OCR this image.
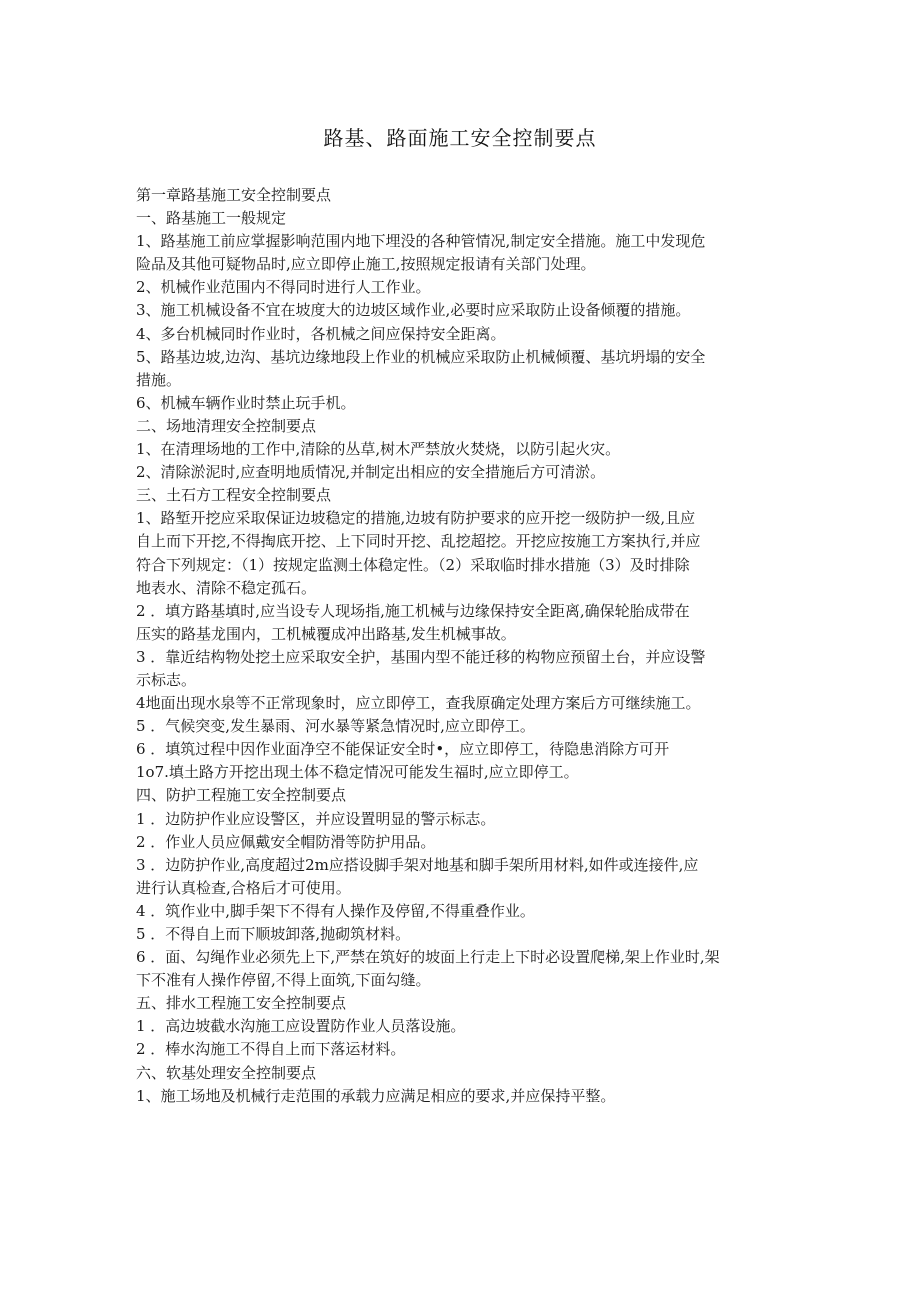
路基、路面施工安全控制要点
第一章路基施工安全控制要点
一、路基施工一般规定
1、路基施工前应掌握影响范围内地下埋没的各种管情况,制定安全措施。施工中发现危
险品及其他可疑物品时,应立即停止施工,按照规定报请有关部门处理。
2、机械作业范围内不得同时进行人工作业。
3、施工机械设备不宜在坡度大的边坡区域作业,必要时应采取防止设备倾覆的措施。
4、多台机械同时作业时，各机械之间应保持安全距离。
5、路基边坡,边沟、基坑边缘地段上作业的机械应采取防止机械倾覆、基坑坍塌的安全
措施。
6、机械车辆作业时禁止玩手机。
二、场地清理安全控制要点
1、在清理场地的工作中,清除的丛草,树木严禁放火焚烧，以防引起火灾。
2、清除淤泥时,应查明地质情况,并制定出相应的安全措施后方可清淤。
三、土石方工程安全控制要点
1、路堑开挖应采取保证边坡稳定的措施,边坡有防护要求的应开挖一级防护一级,且应
自上而下开挖,不得掏底开挖、上下同时开挖、乱挖超挖。开挖应按施工方案执行,并应
符合下列规定：（1）按规定监测土体稳定性。（2）采取临时排水措施（3）及时排除
地表水、清除不稳定孤石。
2 ．填方路基填时,应当设专人现场指,施工机械与边缘保持安全距离,确保轮胎成带在
压实的路基龙围内，工机械覆成冲出路基,发生机械事故。
3 ．靠近结构物处挖土应采取安全护，基围内型不能迁移的构物应预留土台，并应设警
示标志。
4地面出现水泉等不正常现象时，应立即停工，查我原确定处理方案后方可继续施工。
5 ．气候突变,发生暴雨、河水暴等紧急情况时,应立即停工。
6 ．填筑过程中因作业面净空不能保证安全时•，应立即停工，待隐患消除方可开
1o7.填土路方开挖出现土体不稳定情况可能发生福时,应立即停工。
四、防护工程施工安全控制要点
1 ．边防护作业应设警区，并应设置明显的警示标志。
2 ．作业人员应佩戴安全帽防滑等防护用品。
3 ．边防护作业,高度超过2m应搭设脚手架对地基和脚手架所用材料,如件或连接件,应
进行认真检查,合格后才可使用。
4 ．筑作业中,脚手架下不得有人操作及停留,不得重叠作业。
5 ．不得自上而下顺坡卸落,抛砌筑材料。
6 ．面、勾绳作业必须先上下,严禁在筑好的坡面上行走上下时必设置爬梯,架上作业时,架
下不准有人操作停留,不得上面筑,下面勾缝。
五、排水工程施工安全控制要点
1 ．高边坡截水沟施工应设置防作业人员落设施。
2 ．棒水沟施工不得自上而下落运材料。
六、软基处理安全控制要点
1、施工场地及机械行走范围的承载力应满足相应的要求,并应保持平整。
